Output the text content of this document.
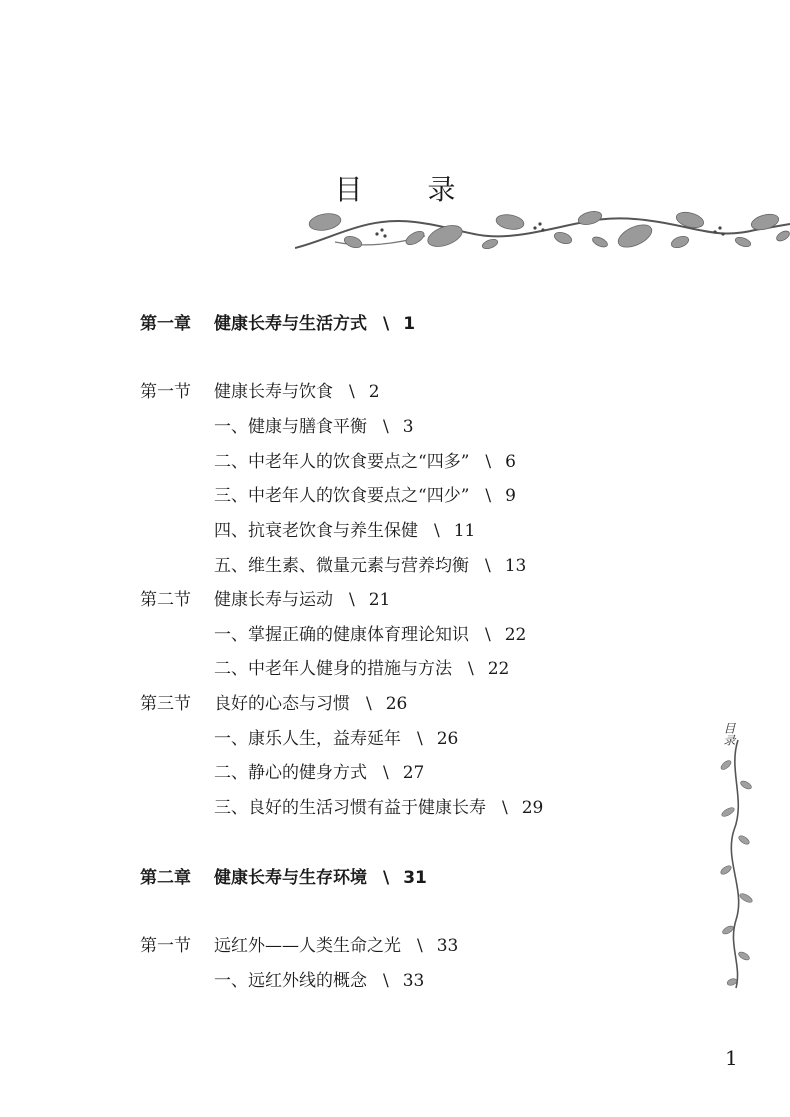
目 录
第一章 健康长寿与生活方式 \ 1
第一节 健康长寿与饮食 \ 2
一、健康与膳食平衡 \ 3
二、中老年人的饮食要点之“四多” \ 6
三、中老年人的饮食要点之“四少” \ 9
四、抗衰老饮食与养生保健 \ 11
五、维生素、微量元素与营养均衡 \ 13
第二节 健康长寿与运动 \ 21
一、掌握正确的健康体育理论知识 \ 22
二、中老年人健身的措施与方法 \ 22
第三节 良好的心态与习惯 \ 26
一、康乐人生，益寿延年 \ 26
二、静心的健身方式 \ 27
三、良好的生活习惯有益于健康长寿 \ 29
第二章 健康长寿与生存环境 \ 31
第一节 远红外——人类生命之光 \ 33
一、远红外线的概念 \ 33
目录
1
